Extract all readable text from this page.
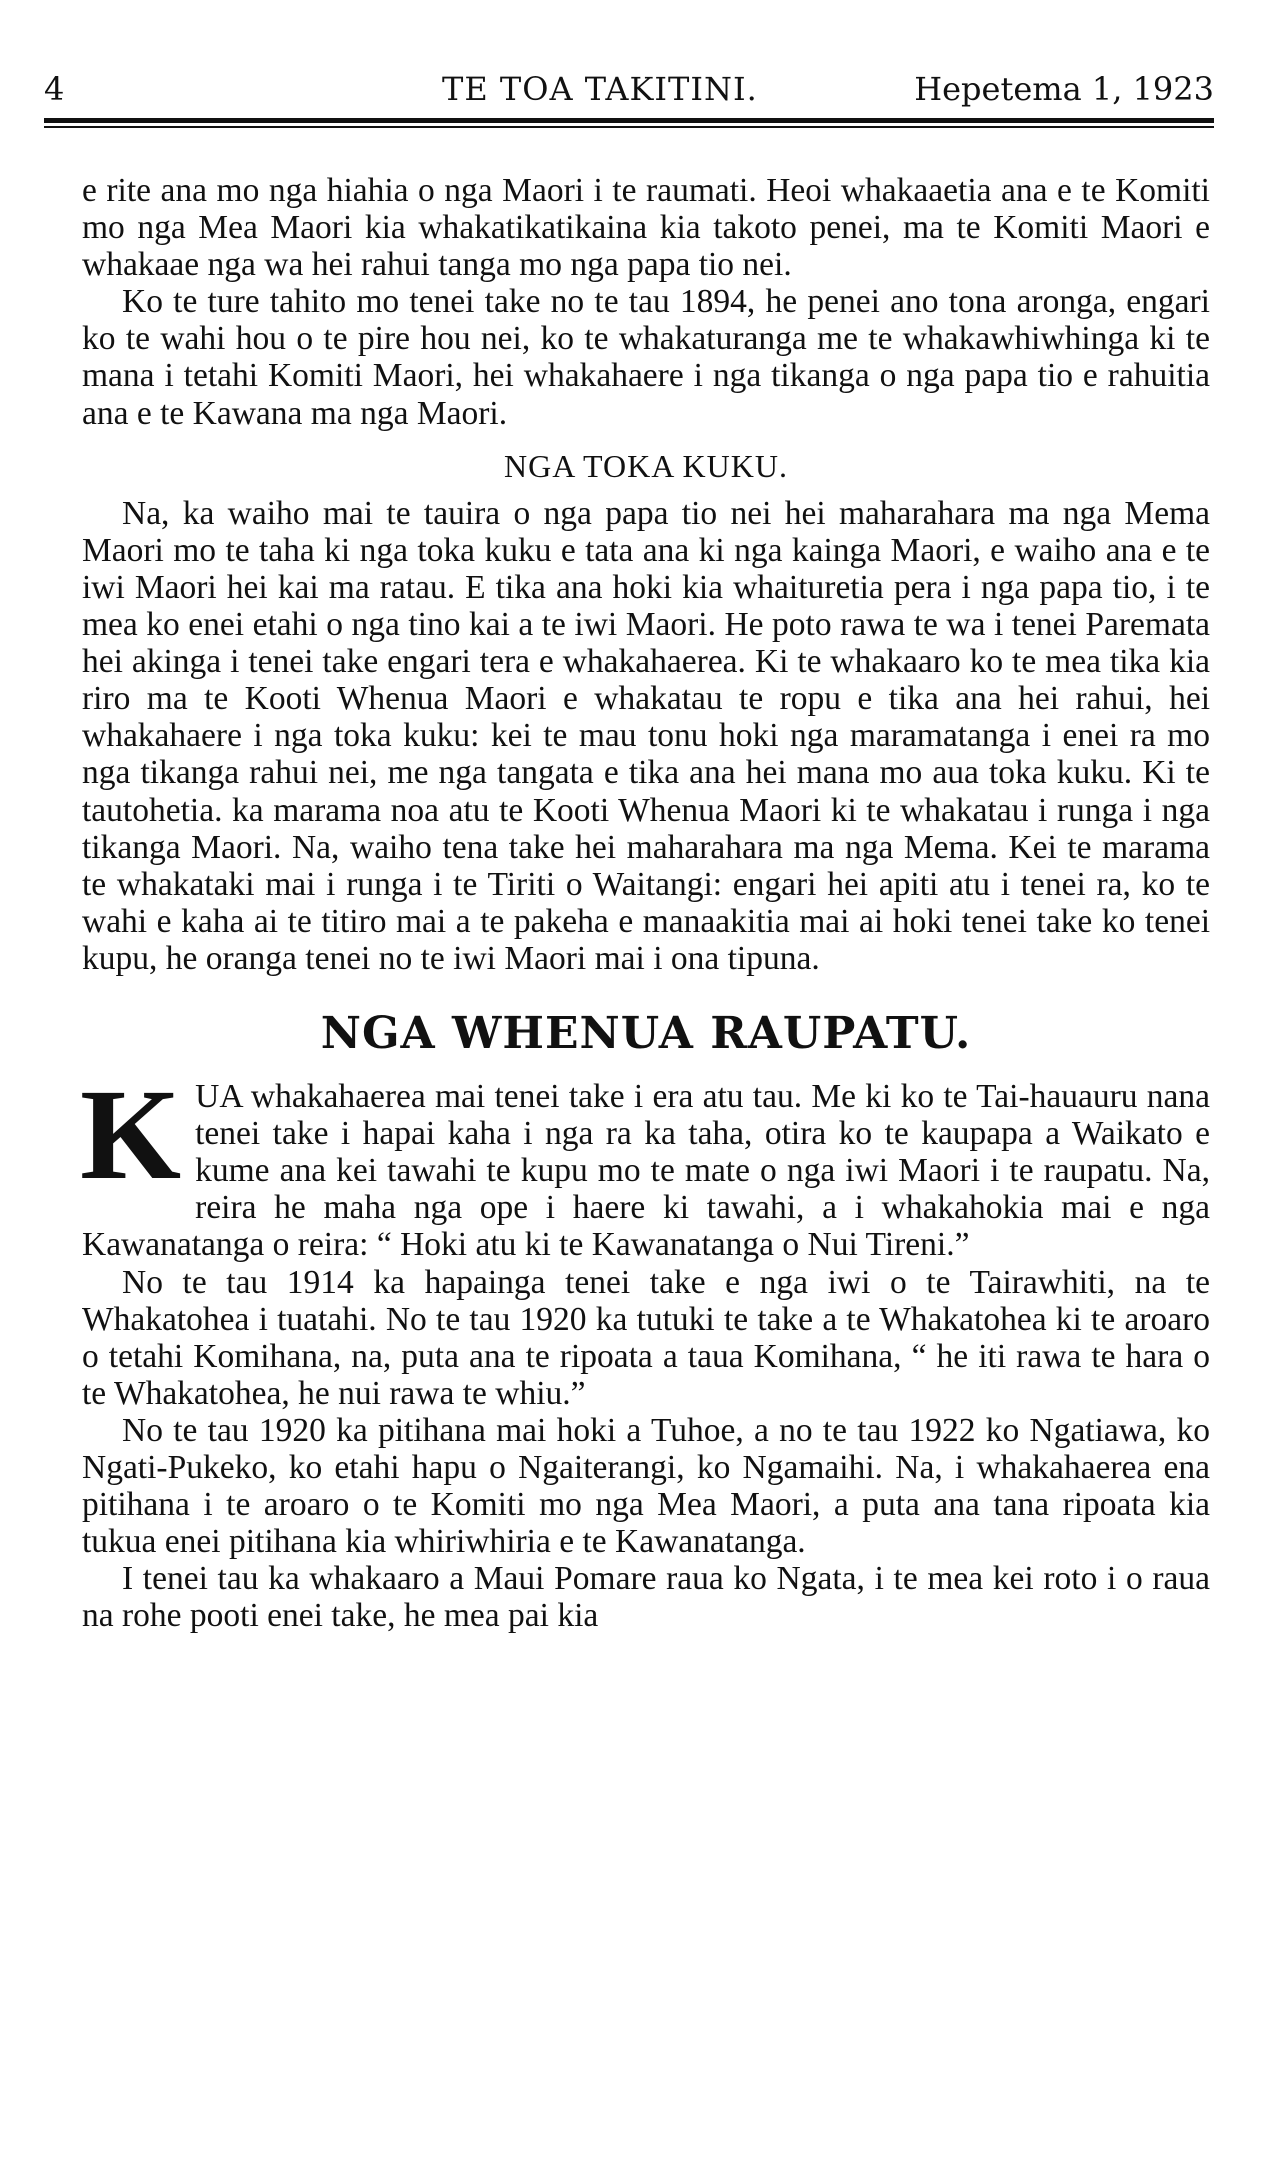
4	TE TOA TAKITINI.	Hepetema 1, 1923

e rite ana mo nga hiahia o nga Maori i te raumati. Heoi whakaaetia ana e te Komiti mo nga Mea Maori kia whakatikatikaina kia takoto penei, ma te Komiti Maori e whakaae nga wa hei rahui tanga mo nga papa tio nei.

Ko te ture tahito mo tenei take no te tau 1894, he penei ano tona aronga, engari ko te wahi hou o te pire hou nei, ko te whakaturanga me te whakawhiwhinga ki te mana i tetahi Komiti Maori, hei whakahaere i nga tikanga o nga papa tio e rahuitia ana e te Kawana ma nga Maori.

NGA TOKA KUKU.

Na, ka waiho mai te tauira o nga papa tio nei hei maharahara ma nga Mema Maori mo te taha ki nga toka kuku e tata ana ki nga kainga Maori, e waiho ana e te iwi Maori hei kai ma ratau. E tika ana hoki kia whaituretia pera i nga papa tio, i te mea ko enei etahi o nga tino kai a te iwi Maori. He poto rawa te wa i tenei Paremata hei akinga i tenei take engari tera e whakahaerea. Ki te whakaaro ko te mea tika kia riro ma te Kooti Whenua Maori e whakatau te ropu e tika ana hei rahui, hei whakahaere i nga toka kuku: kei te mau tonu hoki nga maramatanga i enei ra mo nga tikanga rahui nei, me nga tangata e tika ana hei mana mo aua toka kuku. Ki te tautohetia. ka marama noa atu te Kooti Whenua Maori ki te whakatau i runga i nga tikanga Maori. Na, waiho tena take hei maharahara ma nga Mema. Kei te marama te whakataki mai i runga i te Tiriti o Waitangi: engari hei apiti atu i tenei ra, ko te wahi e kaha ai te titiro mai a te pakeha e manaakitia mai ai hoki tenei take ko tenei kupu, he oranga tenei no te iwi Maori mai i ona tipuna.

NGA WHENUA RAUPATU.

KUA whakahaerea mai tenei take i era atu tau. Me ki ko te Tai-hauauru nana tenei take i hapai kaha i nga ra ka taha, otira ko te kaupapa a Waikato e kume ana kei tawahi te kupu mo te mate o nga iwi Maori i te raupatu. Na, reira he maha nga ope i haere ki tawahi, a i whakahokia mai e nga Kawanatanga o reira: “ Hoki atu ki te Kawanatanga o Nui Tireni.”

No te tau 1914 ka hapainga tenei take e nga iwi o te Tairawhiti, na te Whakatohea i tuatahi. No te tau 1920 ka tutuki te take a te Whakatohea ki te aroaro o tetahi Komihana, na, puta ana te ripoata a taua Komihana, “ he iti rawa te hara o te Whakatohea, he nui rawa te whiu.”

No te tau 1920 ka pitihana mai hoki a Tuhoe, a no te tau 1922 ko Ngatiawa, ko Ngati-Pukeko, ko etahi hapu o Ngaiterangi, ko Ngamaihi. Na, i whakahaerea ena pitihana i te aroaro o te Komiti mo nga Mea Maori, a puta ana tana ripoata kia tukua enei pitihana kia whiriwhiria e te Kawanatanga.

I tenei tau ka whakaaro a Maui Pomare raua ko Ngata, i te mea kei roto i o raua na rohe pooti enei take, he mea pai kia
